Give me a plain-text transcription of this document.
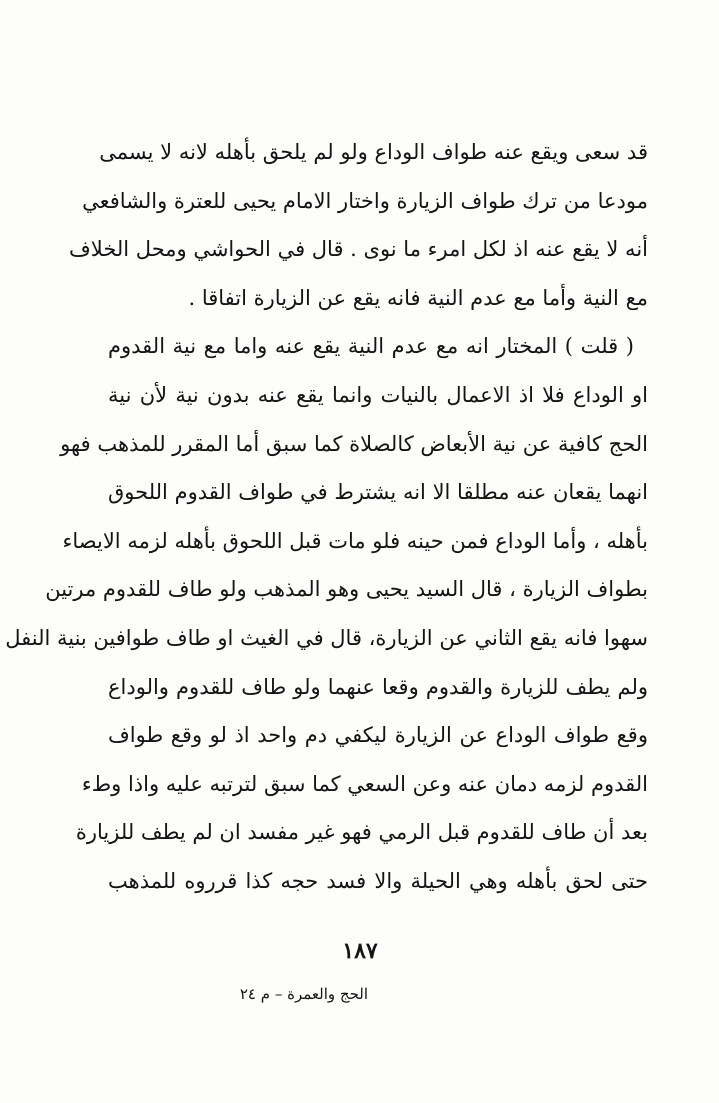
قد سعى ويقع عنه طواف الوداع ولو لم يلحق بأهله لانه لا يسمى
مودعا من ترك طواف الزيارة واختار الامام يحيى للعترة والشافعي
أنه لا يقع عنه اذ لكل امرء ما نوى . قال في الحواشي ومحل الخلاف
مع النية وأما مع عدم النية فانه يقع عن الزيارة اتفاقا .
( قلت ) المختار انه مع عدم النية يقع عنه واما مع نية القدوم
او الوداع فلا اذ الاعمال بالنيات وانما يقع عنه بدون نية لأن نية
الحج كافية عن نية الأبعاض كالصلاة كما سبق أما المقرر للمذهب فهو
انهما يقعان عنه مطلقا الا انه يشترط في طواف القدوم اللحوق
بأهله ، وأما الوداع فمن حينه فلو مات قبل اللحوق بأهله لزمه الايصاء
بطواف الزيارة ، قال السيد يحيى وهو المذهب ولو طاف للقدوم مرتين
سهوا فانه يقع الثاني عن الزيارة، قال في الغيث او طاف طوافين بنية النفل
ولم يطف للزيارة والقدوم وقعا عنهما ولو طاف للقدوم والوداع
وقع طواف الوداع عن الزيارة ليكفي دم واحد اذ لو وقع طواف
القدوم لزمه دمان عنه وعن السعي كما سبق لترتبه عليه واذا وطء
بعد أن طاف للقدوم قبل الرمي فهو غير مفسد ان لم يطف للزيارة
حتى لحق بأهله وهي الحيلة والا فسد حجه كذا قرروه للمذهب
١٨٧
الحج والعمرة – م ٢٤
